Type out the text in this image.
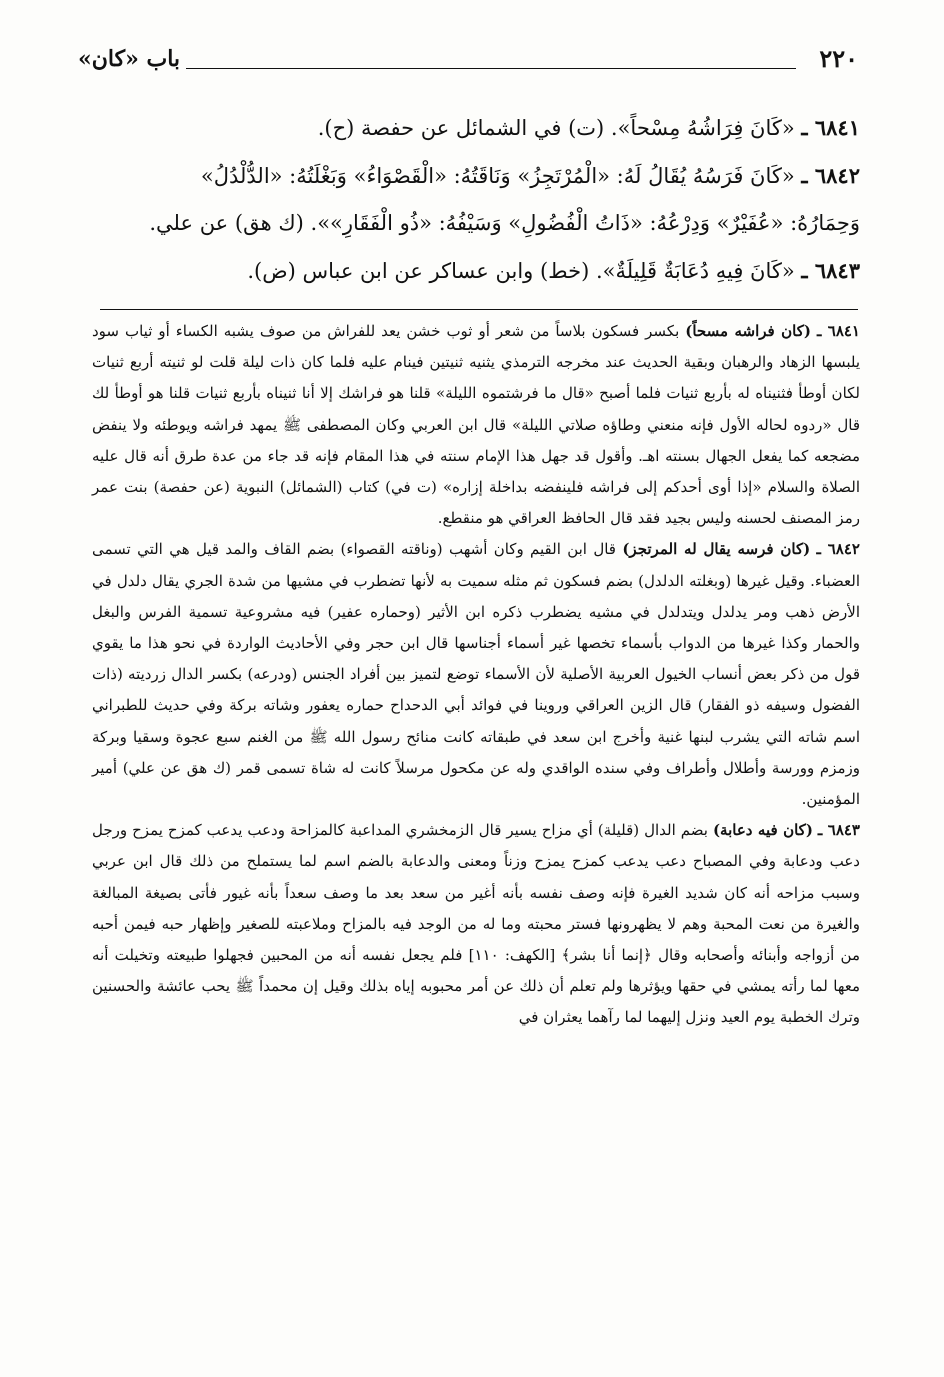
باب «كان»	٢٢٠

٦٨٤١ ـ «كَانَ فِرَاشُهُ مِسْحاً». (ت) في الشمائل عن حفصة (ح).

٦٨٤٢ ـ «كَانَ فَرَسُهُ يُقَالُ لَهُ: «الْمُرْتَجِزُ» وَنَاقَتُهُ: «الْقَصْوَاءُ» وَبَغْلَتُهُ: «الدُّلْدُلُ»

وَحِمَارُهُ: «عُفَيْرٌ» وَدِرْعُهُ: «ذَاتُ الْفُضُولِ» وَسَيْفُهُ: «ذُو الْفَقَارِ»». (ك هق) عن علي.

٦٨٤٣ ـ «كَانَ فِيهِ دُعَابَةٌ قَلِيلَةٌ». (خط) وابن عساكر عن ابن عباس (ض).

٦٨٤١ ـ (كان فراشه مسحاً) بكسر فسكون بلاساً من شعر أو ثوب خشن يعد للفراش من صوف يشبه الكساء أو ثياب سود يلبسها الزهاد والرهبان وبقية الحديث عند مخرجه الترمذي يثنيه ثنيتين فينام عليه فلما كان ذات ليلة قلت لو ثنيته أربع ثنيات لكان أوطأ فثنيناه له بأربع ثنيات فلما أصبح «قال ما فرشتموه الليلة» قلنا هو فراشك إلا أنا ثنيناه بأربع ثنيات قلنا هو أوطأ لك قال «ردوه لحاله الأول فإنه منعني وطاؤه صلاتي الليلة» قال ابن العربي وكان المصطفى ﷺ يمهد فراشه ويوطئه ولا ينفض مضجعه كما يفعل الجهال بسنته اهـ. وأقول قد جهل هذا الإمام سنته في هذا المقام فإنه قد جاء من عدة طرق أنه قال عليه الصلاة والسلام «إذا أوى أحدكم إلى فراشه فلينفضه بداخلة إزاره» (ت في) كتاب (الشمائل) النبوية (عن حفصة) بنت عمر رمز المصنف لحسنه وليس بجيد فقد قال الحافظ العراقي هو منقطع.

٦٨٤٢ ـ (كان فرسه يقال له المرتجز) قال ابن القيم وكان أشهب (وناقته القصواء) بضم القاف والمد قيل هي التي تسمى العضباء. وقيل غيرها (وبغلته الدلدل) بضم فسكون ثم مثله سميت به لأنها تضطرب في مشيها من شدة الجري يقال دلدل في الأرض ذهب ومر يدلدل ويتدلدل في مشيه يضطرب ذكره ابن الأثير (وحماره عفير) فيه مشروعية تسمية الفرس والبغل والحمار وكذا غيرها من الدواب بأسماء تخصها غير أسماء أجناسها قال ابن حجر وفي الأحاديث الواردة في نحو هذا ما يقوي قول من ذكر بعض أنساب الخيول العربية الأصلية لأن الأسماء توضع لتميز بين أفراد الجنس (ودرعه) بكسر الدال زرديته (ذات الفضول وسيفه ذو الفقار) قال الزين العراقي وروينا في فوائد أبي الدحداح حماره يعفور وشاته بركة وفي حديث للطبراني اسم شاته التي يشرب لبنها غنية وأخرج ابن سعد في طبقاته كانت منائح رسول الله ﷺ من الغنم سبع عجوة وسقيا وبركة وزمزم وورسة وأطلال وأطراف وفي سنده الواقدي وله عن مكحول مرسلاً كانت له شاة تسمى قمر (ك هق عن علي) أمير المؤمنين.

٦٨٤٣ ـ (كان فيه دعابة) بضم الدال (قليلة) أي مزاح يسير قال الزمخشري المداعبة كالمزاحة ودعب يدعب كمزح يمزح ورجل دعب ودعابة وفي المصباح دعب يدعب كمزح يمزح وزناً ومعنى والدعابة بالضم اسم لما يستملح من ذلك قال ابن عربي وسبب مزاحه أنه كان شديد الغيرة فإنه وصف نفسه بأنه أغير من سعد بعد ما وصف سعداً بأنه غيور فأتى بصيغة المبالغة والغيرة من نعت المحبة وهم لا يظهرونها فستر محبته وما له من الوجد فيه بالمزاح وملاعبته للصغير وإظهار حبه فيمن أحبه من أزواجه وأبنائه وأصحابه وقال ﴿إنما أنا بشر﴾ [الكهف: ١١٠] فلم يجعل نفسه أنه من المحبين فجهلوا طبيعته وتخيلت أنه معها لما رأته يمشي في حقها ويؤثرها ولم تعلم أن ذلك عن أمر محبوبه إياه بذلك وقيل إن محمداً ﷺ يحب عائشة والحسنين وترك الخطبة يوم العيد ونزل إليهما لما رآهما يعثران في
